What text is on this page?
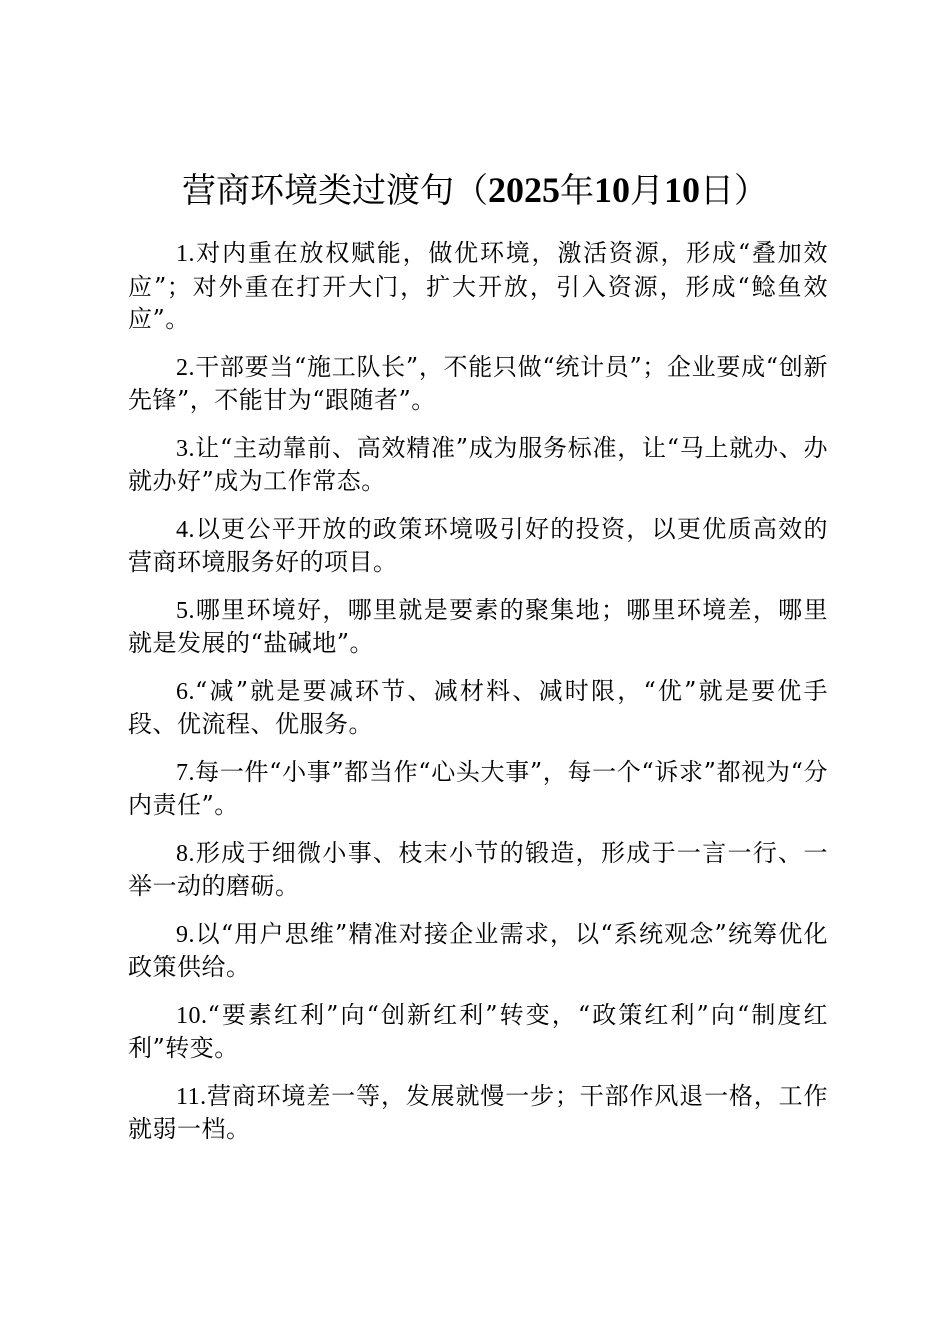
营商环境类过渡句（2025年10月10日）

1.对内重在放权赋能，做优环境，激活资源，形成“叠加效应”；对外重在打开大门，扩大开放，引入资源，形成“鲶鱼效应”。

2.干部要当“施工队长”，不能只做“统计员”；企业要成“创新先锋”，不能甘为“跟随者”。

3.让“主动靠前、高效精准”成为服务标准，让“马上就办、办就办好”成为工作常态。

4.以更公平开放的政策环境吸引好的投资，以更优质高效的营商环境服务好的项目。

5.哪里环境好，哪里就是要素的聚集地；哪里环境差，哪里就是发展的“盐碱地”。

6.“减”就是要减环节、减材料、减时限，“优”就是要优手段、优流程、优服务。

7.每一件“小事”都当作“心头大事”，每一个“诉求”都视为“分内责任”。

8.形成于细微小事、枝末小节的锻造，形成于一言一行、一举一动的磨砺。

9.以“用户思维”精准对接企业需求，以“系统观念”统筹优化政策供给。

10.“要素红利”向“创新红利”转变，“政策红利”向“制度红利”转变。

11.营商环境差一等，发展就慢一步；干部作风退一格，工作就弱一档。
